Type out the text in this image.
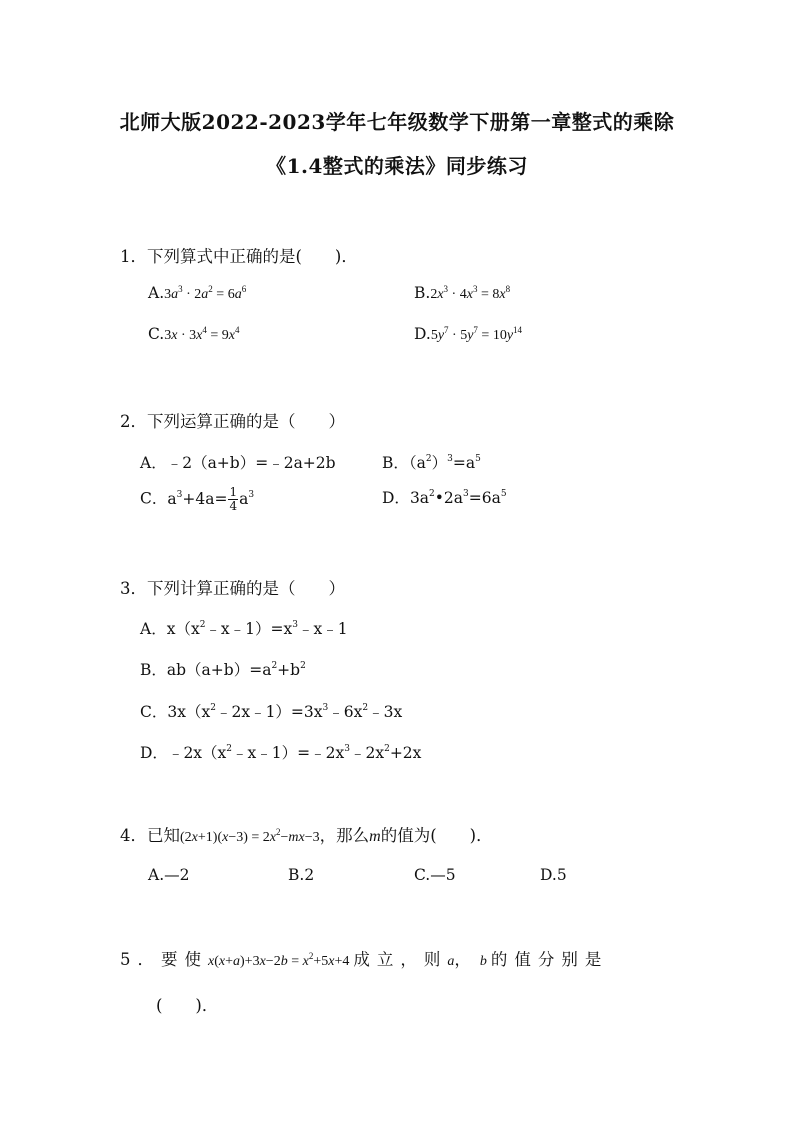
北师大版2022-2023学年七年级数学下册第一章整式的乘除
《1.4整式的乘法》同步练习
1．下列算式中正确的是(　　)．
$A.3a^3 \cdot 2a^2 = 6a^6$	$B.2x^3 \cdot 4x^3 = 8x^8$
$C.3x \cdot 3x^4 = 9x^4$	$D.5y^7 \cdot 5y^7 = 10y^{14}$
2．下列运算正确的是（　　）
A．﹣2（a+b）=﹣2a+2b	B．$(a^2)^3=a^5$
C．$a^3+4a= \frac{1}{4} a^3$	D．$3a^2•2a^3=6a^5$
3．下列计算正确的是（　　）
A．$x(x^2﹣x﹣1)=x^3﹣x﹣1$
B．$ab(a+b)=a^2+b^2$
C．$3x(x^2﹣2x﹣1)=3x^3﹣6x^2﹣3x$
D．$﹣2x(x^2﹣x﹣1)=﹣2x^3﹣2x^2+2x$
4．已知$(2x+1)(x-3) = 2x^2-mx-3$，那么m的值为(　　)．
A.—2	B.2	C.—5	D.5
5．要使$x(x+a)+3x-2b = x^2+5x+4$ 成立，则a， b 的值分别是
(　　)．
